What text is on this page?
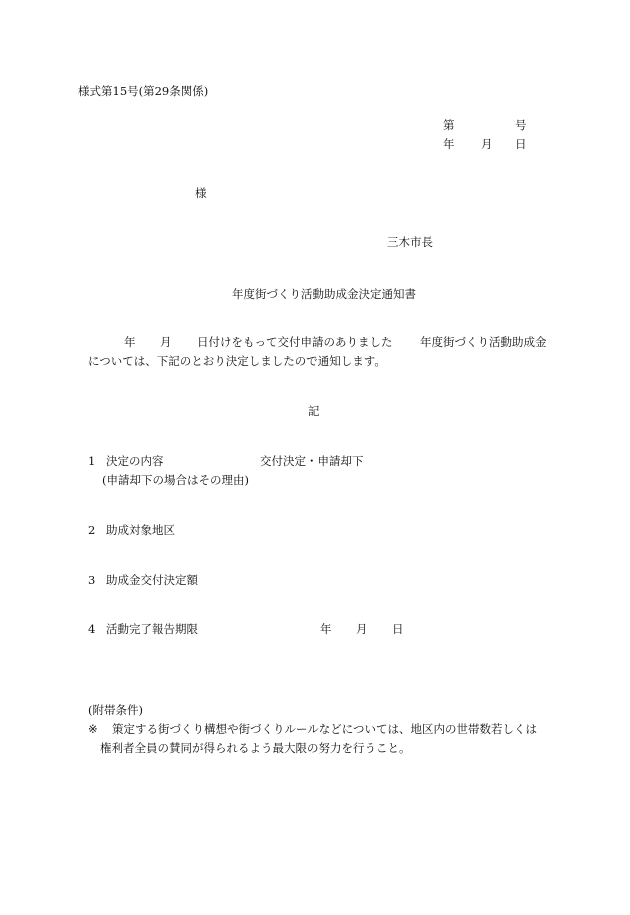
様式第15号(第29条関係)
第	号
年 月 日
様
三木市長
年度街づくり活動助成金決定通知書
年 月 日付けをもって交付申請のありました 年度街づくり活動助成金
については、下記のとおり決定しましたので通知します。
記
1 決定の内容	交付決定・申請却下
(申請却下の場合はその理由)
2 助成対象地区
3 助成金交付決定額
4 活動完了報告期限	年 月 日
(附帯条件)
※ 策定する街づくり構想や街づくりルールなどについては、地区内の世帯数若しくは
権利者全員の賛同が得られるよう最大限の努力を行うこと。
